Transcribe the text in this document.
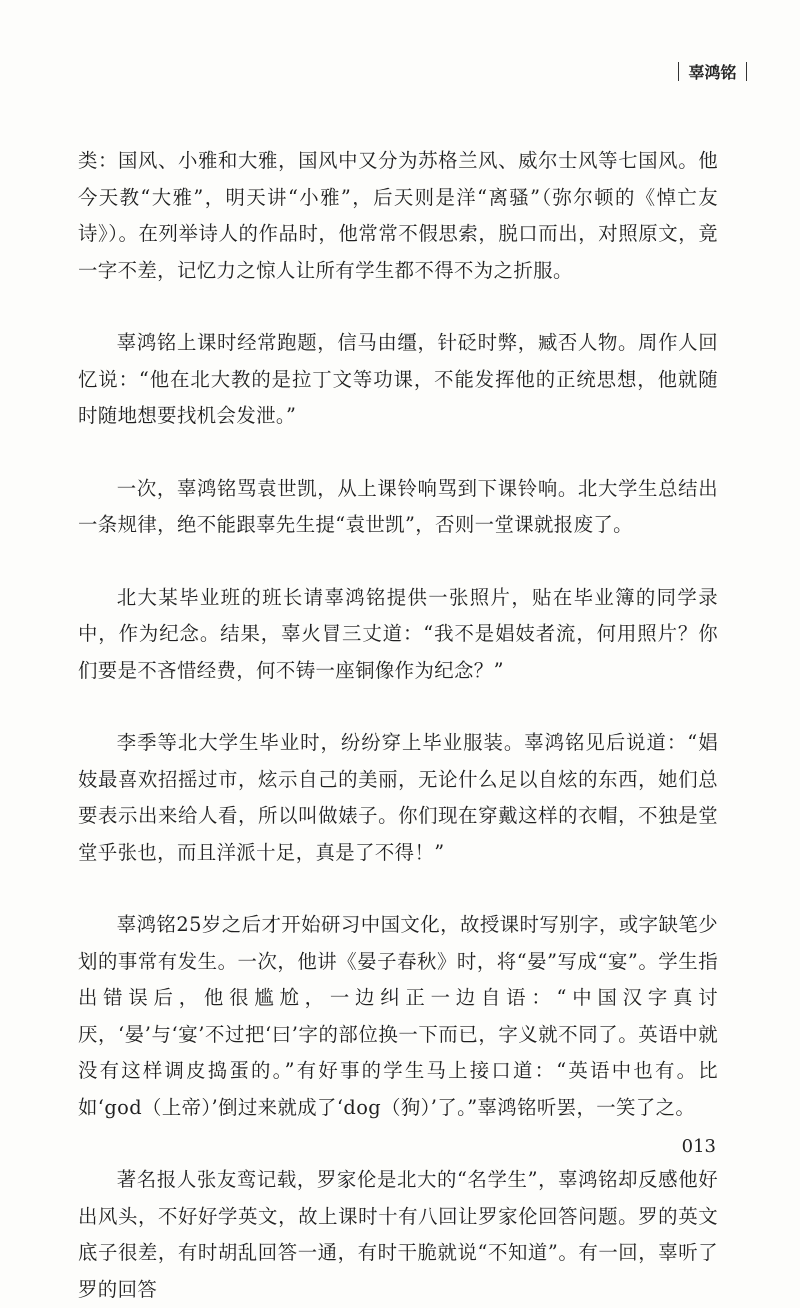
辜鸿铭

类：国风、小雅和大雅，国风中又分为苏格兰风、威尔士风等七国风。他今天教“大雅”，明天讲“小雅”，后天则是洋“离骚”（弥尔顿的《悼亡友诗》）。在列举诗人的作品时，他常常不假思索，脱口而出，对照原文，竟一字不差，记忆力之惊人让所有学生都不得不为之折服。

辜鸿铭上课时经常跑题，信马由缰，针砭时弊，臧否人物。周作人回忆说：“他在北大教的是拉丁文等功课，不能发挥他的正统思想，他就随时随地想要找机会发泄。”

一次，辜鸿铭骂袁世凯，从上课铃响骂到下课铃响。北大学生总结出一条规律，绝不能跟辜先生提“袁世凯”，否则一堂课就报废了。

北大某毕业班的班长请辜鸿铭提供一张照片，贴在毕业簿的同学录中，作为纪念。结果，辜火冒三丈道：“我不是娼妓者流，何用照片？你们要是不吝惜经费，何不铸一座铜像作为纪念？”

李季等北大学生毕业时，纷纷穿上毕业服装。辜鸿铭见后说道：“娼妓最喜欢招摇过市，炫示自己的美丽，无论什么足以自炫的东西，她们总要表示出来给人看，所以叫做婊子。你们现在穿戴这样的衣帽，不独是堂堂乎张也，而且洋派十足，真是了不得！”

辜鸿铭25岁之后才开始研习中国文化，故授课时写别字，或字缺笔少划的事常有发生。一次，他讲《晏子春秋》时，将“晏”写成“宴”。学生指出错误后，他很尴尬，一边纠正一边自语：“中国汉字真讨厌，‘晏’与‘宴’不过把‘曰’字的部位换一下而已，字义就不同了。英语中就没有这样调皮捣蛋的。”有好事的学生马上接口道：“英语中也有。比如‘god（上帝）’倒过来就成了‘dog（狗）’了。”辜鸿铭听罢，一笑了之。

著名报人张友鸾记载，罗家伦是北大的“名学生”，辜鸿铭却反感他好出风头，不好好学英文，故上课时十有八回让罗家伦回答问题。罗的英文底子很差，有时胡乱回答一通，有时干脆就说“不知道”。有一回，辜听了罗的回答

013
